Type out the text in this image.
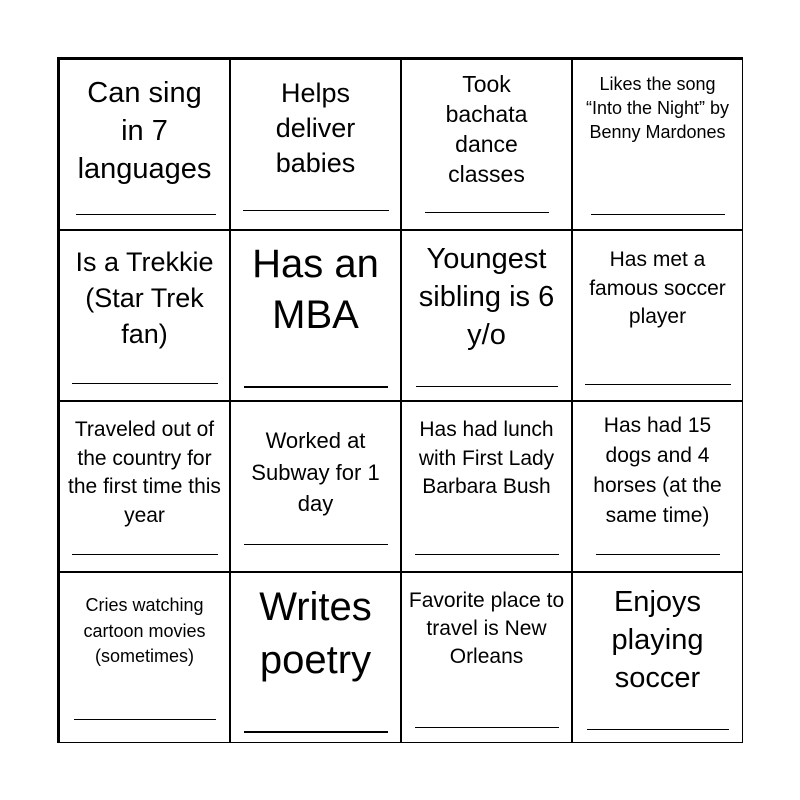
Can sing in 7 languages
Helps deliver babies
Took bachata dance classes
Likes the song “Into the Night” by Benny Mardones
Is a Trekkie (Star Trek fan)
Has an MBA
Youngest sibling is 6 y/o
Has met a famous soccer player
Traveled out of the country for the first time this year
Worked at Subway for 1 day
Has had lunch with First Lady Barbara Bush
Has had 15 dogs and 4 horses (at the same time)
Cries watching cartoon movies (sometimes)
Writes poetry
Favorite place to travel is New Orleans
Enjoys playing soccer
